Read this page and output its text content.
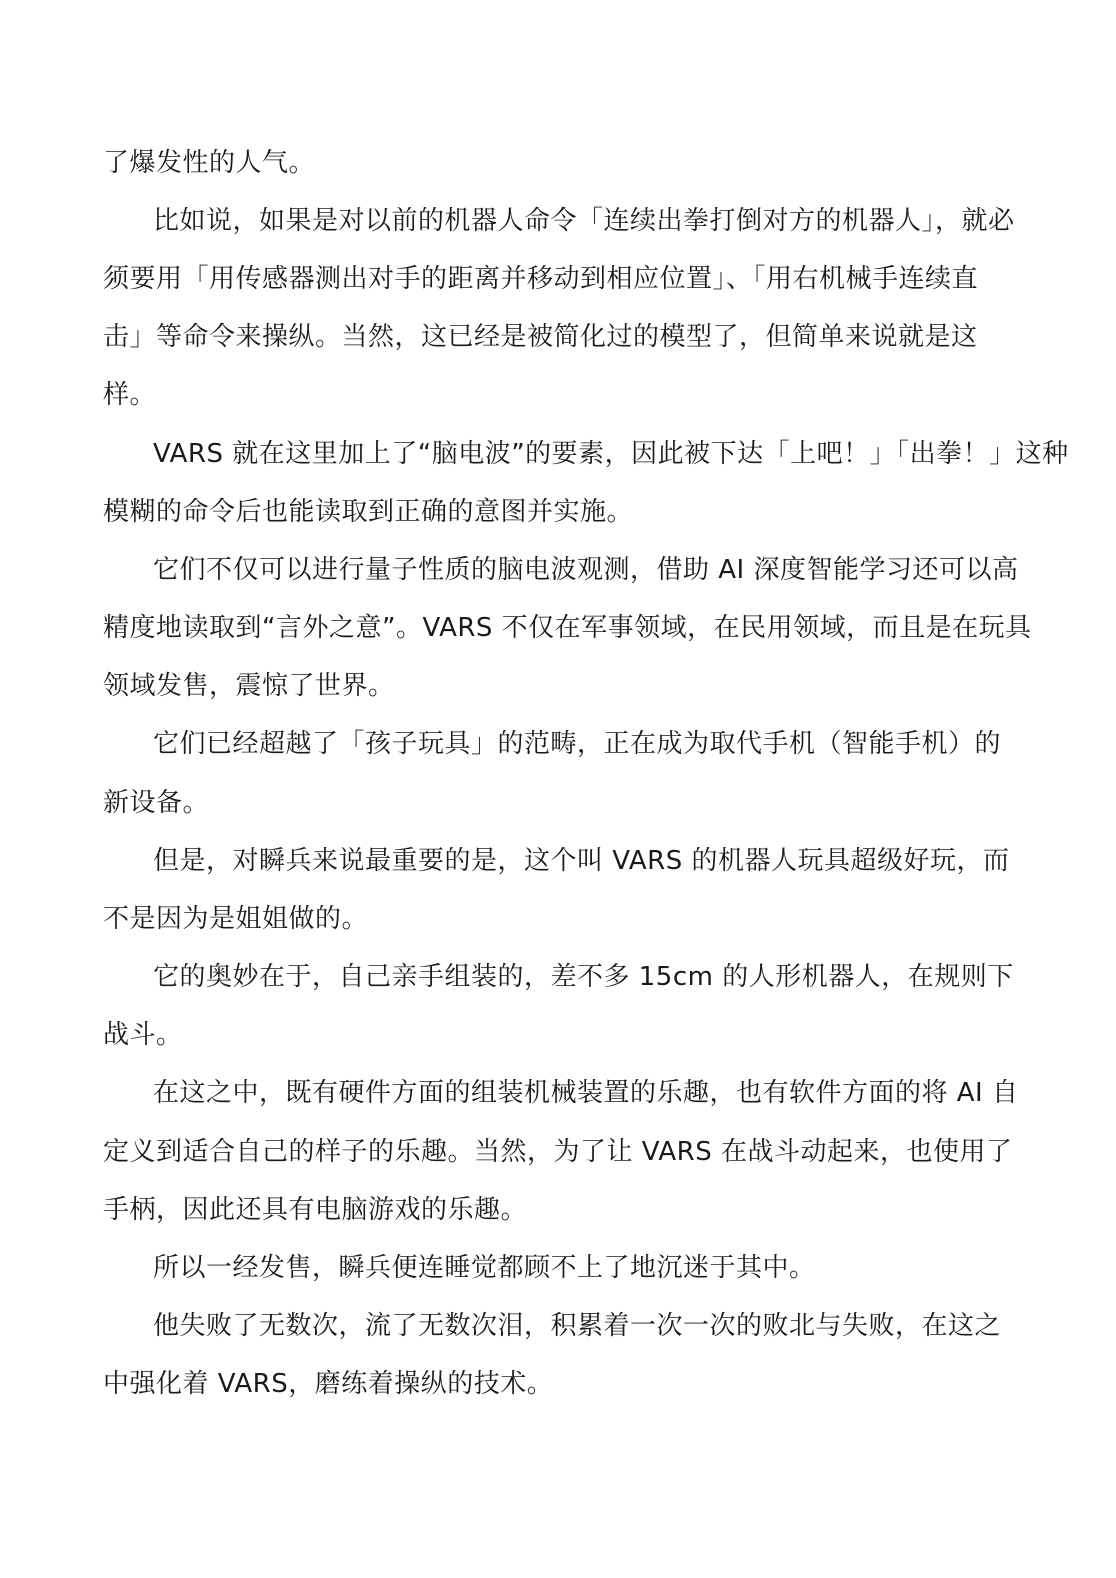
了爆发性的人气。
比如说，如果是对以前的机器人命令「连续出拳打倒对方的机器人」，就必
须要用「用传感器测出对手的距离并移动到相应位置」、「用右机械手连续直
击」等命令来操纵。当然，这已经是被简化过的模型了，但简单来说就是这
样。
VARS 就在这里加上了“脑电波”的要素，因此被下达「上吧！」「出拳！」这种
模糊的命令后也能读取到正确的意图并实施。
它们不仅可以进行量子性质的脑电波观测，借助 AI 深度智能学习还可以高
精度地读取到“言外之意”。VARS 不仅在军事领域，在民用领域，而且是在玩具
领域发售，震惊了世界。
它们已经超越了「孩子玩具」的范畴，正在成为取代手机（智能手机）的
新设备。
但是，对瞬兵来说最重要的是，这个叫 VARS 的机器人玩具超级好玩，而
不是因为是姐姐做的。
它的奥妙在于，自己亲手组装的，差不多 15cm 的人形机器人，在规则下
战斗。
在这之中，既有硬件方面的组装机械装置的乐趣，也有软件方面的将 AI 自
定义到适合自己的样子的乐趣。当然，为了让 VARS 在战斗动起来，也使用了
手柄，因此还具有电脑游戏的乐趣。
所以一经发售，瞬兵便连睡觉都顾不上了地沉迷于其中。
他失败了无数次，流了无数次泪，积累着一次一次的败北与失败，在这之
中强化着 VARS，磨练着操纵的技术。
